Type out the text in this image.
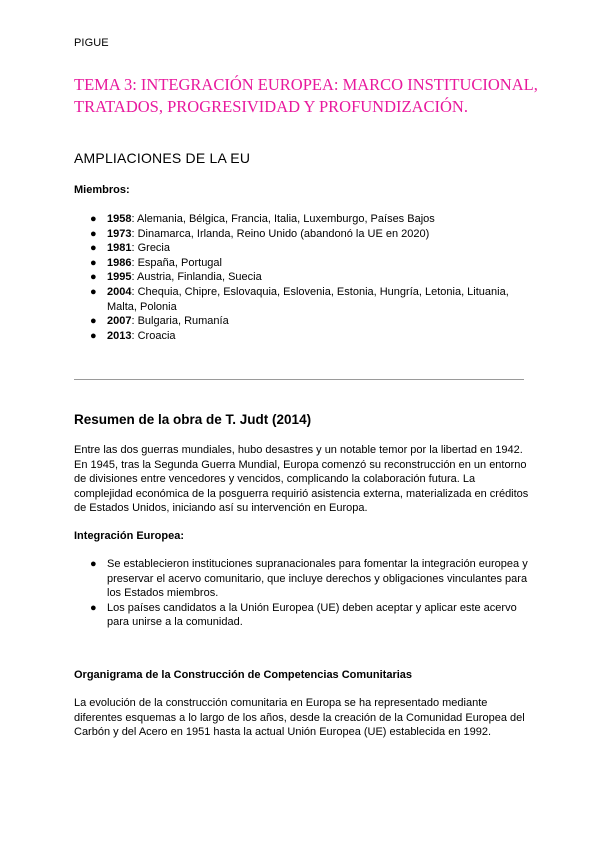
PIGUE
TEMA 3: INTEGRACIÓN EUROPEA: MARCO INSTITUCIONAL, TRATADOS, PROGRESIVIDAD Y PROFUNDIZACIÓN.
AMPLIACIONES DE LA EU

Miembros:

● 1958: Alemania, Bélgica, Francia, Italia, Luxemburgo, Países Bajos
● 1973: Dinamarca, Irlanda, Reino Unido (abandonó la UE en 2020)
● 1981: Grecia
● 1986: España, Portugal
● 1995: Austria, Finlandia, Suecia
● 2004: Chequia, Chipre, Eslovaquia, Eslovenia, Estonia, Hungría, Letonia, Lituania, Malta, Polonia
● 2007: Bulgaria, Rumanía
● 2013: Croacia
Resumen de la obra de T. Judt (2014)

Entre las dos guerras mundiales, hubo desastres y un notable temor por la libertad en 1942. En 1945, tras la Segunda Guerra Mundial, Europa comenzó su reconstrucción en un entorno de divisiones entre vencedores y vencidos, complicando la colaboración futura. La complejidad económica de la posguerra requirió asistencia externa, materializada en créditos de Estados Unidos, iniciando así su intervención en Europa.

Integración Europea:

● Se establecieron instituciones supranacionales para fomentar la integración europea y preservar el acervo comunitario, que incluye derechos y obligaciones vinculantes para los Estados miembros.
● Los países candidatos a la Unión Europea (UE) deben aceptar y aplicar este acervo para unirse a la comunidad.

Organigrama de la Construcción de Competencias Comunitarias

La evolución de la construcción comunitaria en Europa se ha representado mediante diferentes esquemas a lo largo de los años, desde la creación de la Comunidad Europea del Carbón y del Acero en 1951 hasta la actual Unión Europea (UE) establecida en 1992.
